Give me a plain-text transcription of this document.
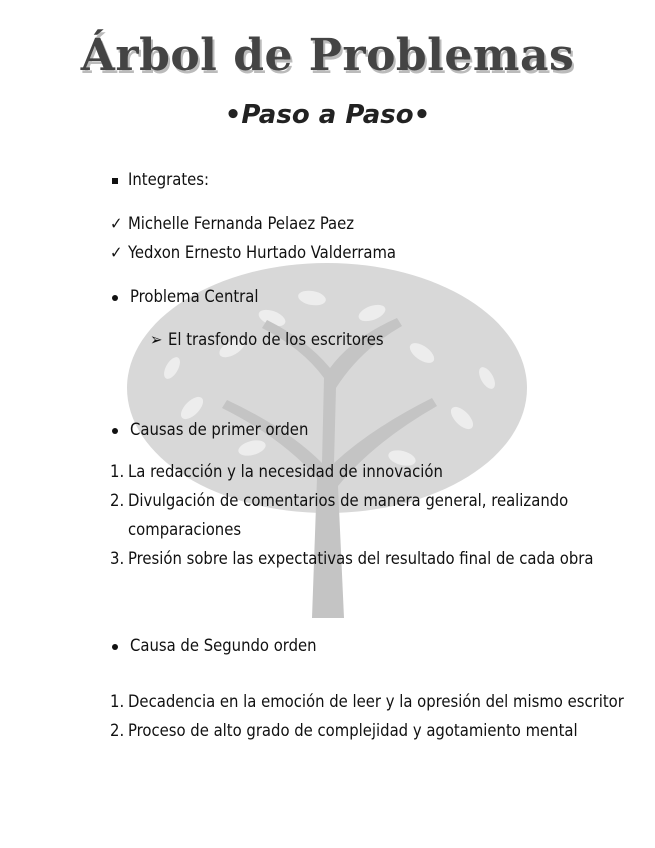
Árbol de Problemas
•Paso a Paso•
Integrates:
✓ Michelle Fernanda Pelaez Paez
✓ Yedxon Ernesto Hurtado Valderrama
Problema Central
➢ El trasfondo de los escritores
Causas de primer orden
1. La redacción y la necesidad de innovación
2. Divulgación de comentarios de manera general, realizando
comparaciones
3. Presión sobre las expectativas del resultado final de cada obra
Causa de Segundo orden
1. Decadencia en la emoción de leer y la opresión del mismo escritor
2. Proceso de alto grado de complejidad y agotamiento mental
